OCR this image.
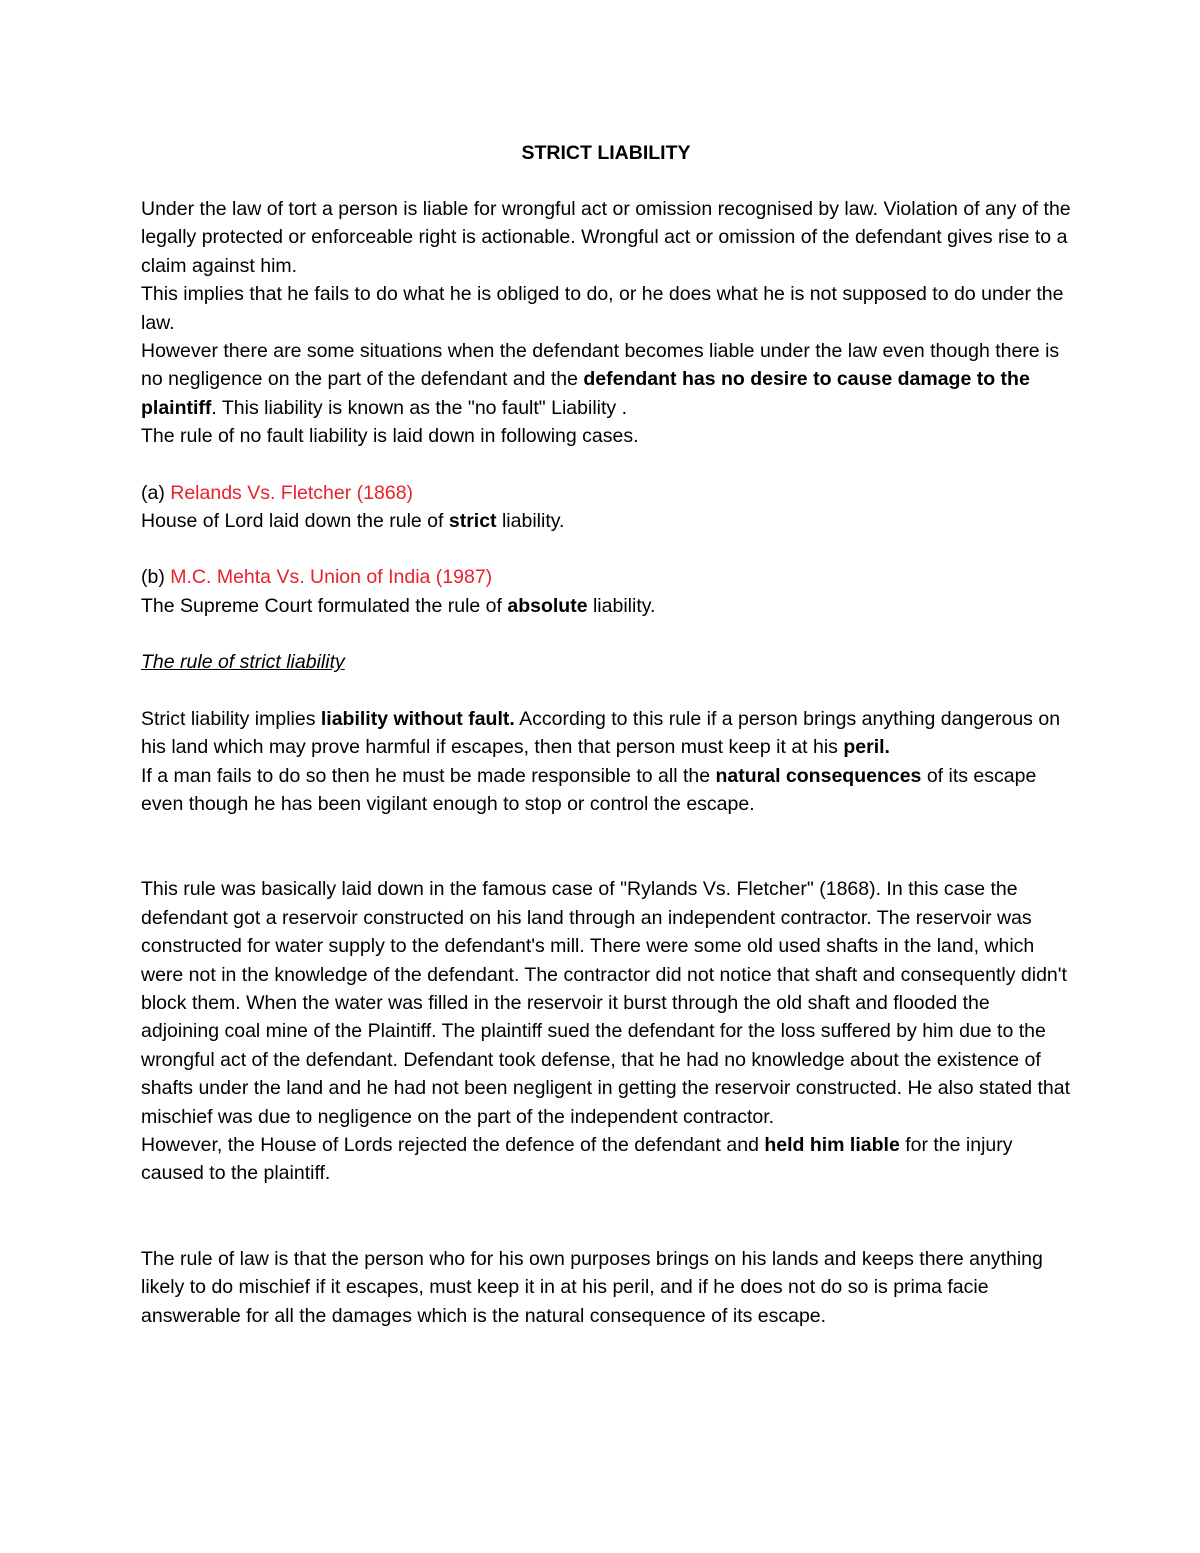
STRICT LIABILITY

Under the law of tort a person is liable for wrongful act or omission recognised by law. Violation of any of the legally protected or enforceable right is actionable. Wrongful act or omission of the defendant gives rise to a claim against him.

This implies that he fails to do what he is obliged to do, or he does what he is not supposed to do under the law.

However there are some situations when the defendant becomes liable under the law even though there is no negligence on the part of the defendant and the defendant has no desire to cause damage to the plaintiff. This liability is known as the "no fault" Liability .

The rule of no fault liability is laid down in following cases.

(a) Relands Vs. Fletcher (1868)

House of Lord laid down the rule of strict liability.

(b) M.C. Mehta Vs. Union of India (1987)

The Supreme Court formulated the rule of absolute liability.

The rule of strict liability

Strict liability implies liability without fault. According to this rule if a person brings anything dangerous on his land which may prove harmful if escapes, then that person must keep it at his peril.

If a man fails to do so then he must be made responsible to all the natural consequences of its escape even though he has been vigilant enough to stop or control the escape.

This rule was basically laid down in the famous case of "Rylands Vs. Fletcher" (1868). In this case the defendant got a reservoir constructed on his land through an independent contractor. The reservoir was constructed for water supply to the defendant's mill. There were some old used shafts in the land, which were not in the knowledge of the defendant. The contractor did not notice that shaft and consequently didn't block them. When the water was filled in the reservoir it burst through the old shaft and flooded the adjoining coal mine of the Plaintiff. The plaintiff sued the defendant for the loss suffered by him due to the wrongful act of the defendant. Defendant took defense, that he had no knowledge about the existence of shafts under the land and he had not been negligent in getting the reservoir constructed. He also stated that mischief was due to negligence on the part of the independent contractor.

However, the House of Lords rejected the defence of the defendant and held him liable for the injury caused to the plaintiff.

The rule of law is that the person who for his own purposes brings on his lands and keeps there anything likely to do mischief if it escapes, must keep it in at his peril, and if he does not do so is prima facie answerable for all the damages which is the natural consequence of its escape.
